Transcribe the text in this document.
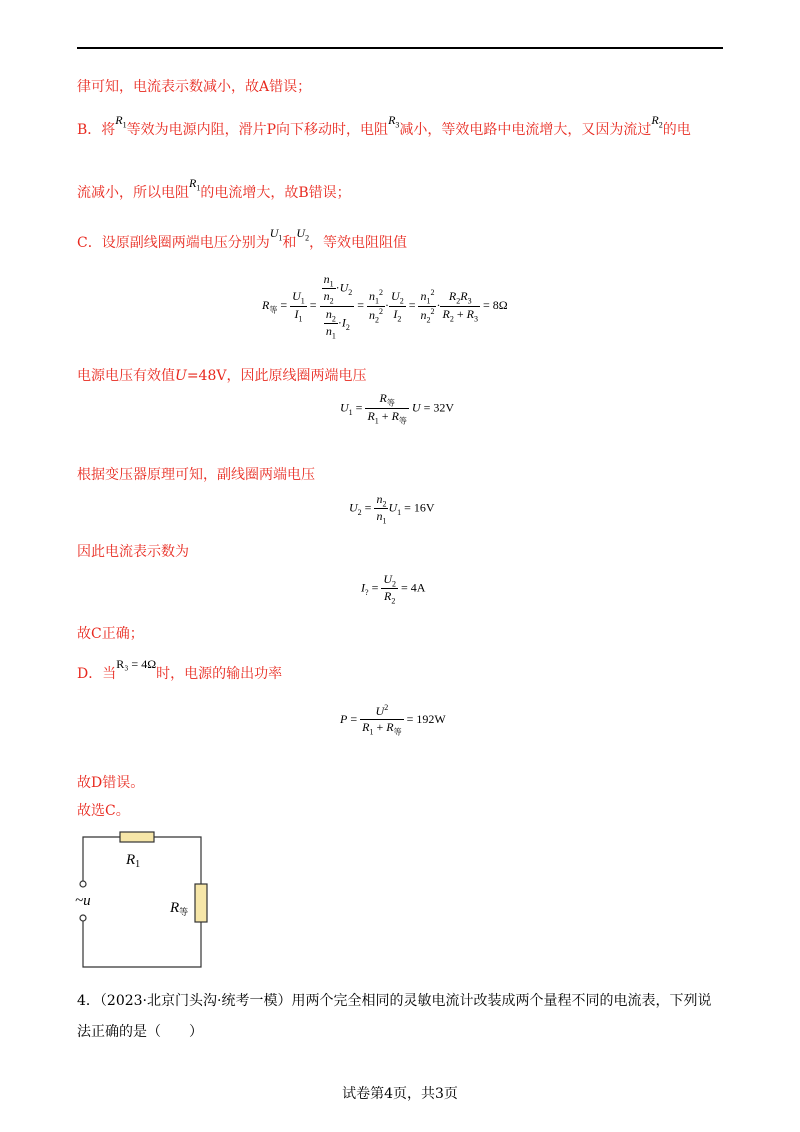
律可知，电流表示数减小，故A错误；
B．将$R_1$等效为电源内阻，滑片P向下移动时，电阻$R_3$减小，等效电路中电流增大，又因为流过$R_2$的电
流减小，所以电阻$R_1$的电流增大，故B错误；
C．设原副线圈两端电压分别为$U_1$和$U_2$，等效电阻阻值
$R_等 = \frac{U_1}{I_1} = \frac{\frac{n_1}{n_2} \cdot U_2}{\frac{n_2}{n_1} \cdot I_2} = \frac{n_1^2}{n_2^2} \cdot \frac{U_2}{I_2} = \frac{n_1^2}{n_2^2} \cdot \frac{R_2R_3}{R_2 + R_3} = 8\Omega$
电源电压有效值U=48V，因此原线圈两端电压
$U_1 = \frac{R_等}{R_1 + R_等}$ U = 32V
根据变压器原理可知，副线圈两端电压
$U_2 = \frac{n_2}{n_1} U_1 = 16V$
因此电流表示数为
$I_? = \frac{U_2}{R_2} = 4A$
故C正确；
D．当R₃ = 4Ω时，电源的输出功率
$P = \frac{U^2}{R_1 + R_等} = 192W$
故D错误。
故选C。
$R_1$
~u	$R_等$
4．（2023·北京门头沟·统考一模）用两个完全相同的灵敏电流计改装成两个量程不同的电流表，下列说
法正确的是（　　）
试卷第4页，共3页
